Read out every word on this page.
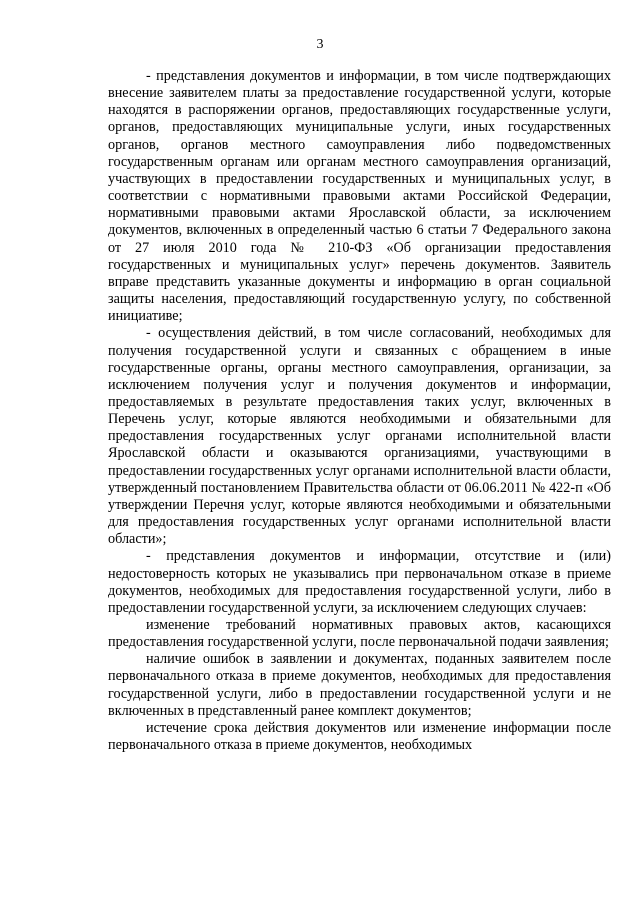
3

- представления документов и информации, в том числе подтверждающих внесение заявителем платы за предоставление государственной услуги, которые находятся в распоряжении органов, предоставляющих государственные услуги, органов, предоставляющих муниципальные услуги, иных государственных органов, органов местного самоуправления либо подведомственных государственным органам или органам местного самоуправления организаций, участвующих в предоставлении государственных и муниципальных услуг, в соответствии с нормативными правовыми актами Российской Федерации, нормативными правовыми актами Ярославской области, за исключением документов, включенных в определенный частью 6 статьи 7 Федерального закона от 27 июля 2010 года № 210-ФЗ «Об организации предоставления государственных и муниципальных услуг» перечень документов. Заявитель вправе представить указанные документы и информацию в орган социальной защиты населения, предоставляющий государственную услугу, по собственной инициативе;

- осуществления действий, в том числе согласований, необходимых для получения государственной услуги и связанных с обращением в иные государственные органы, органы местного самоуправления, организации, за исключением получения услуг и получения документов и информации, предоставляемых в результате предоставления таких услуг, включенных в Перечень услуг, которые являются необходимыми и обязательными для предоставления государственных услуг органами исполнительной власти Ярославской области и оказываются организациями, участвующими в предоставлении государственных услуг органами исполнительной власти области, утвержденный постановлением Правительства области от 06.06.2011 № 422-п «Об утверждении Перечня услуг, которые являются необходимыми и обязательными для предоставления государственных услуг органами исполнительной власти области»;

- представления документов и информации, отсутствие и (или) недостоверность которых не указывались при первоначальном отказе в приеме документов, необходимых для предоставления государственной услуги, либо в предоставлении государственной услуги, за исключением следующих случаев:

изменение требований нормативных правовых актов, касающихся предоставления государственной услуги, после первоначальной подачи заявления;

наличие ошибок в заявлении и документах, поданных заявителем после первоначального отказа в приеме документов, необходимых для предоставления государственной услуги, либо в предоставлении государственной услуги и не включенных в представленный ранее комплект документов;

истечение срока действия документов или изменение информации после первоначального отказа в приеме документов, необходимых
